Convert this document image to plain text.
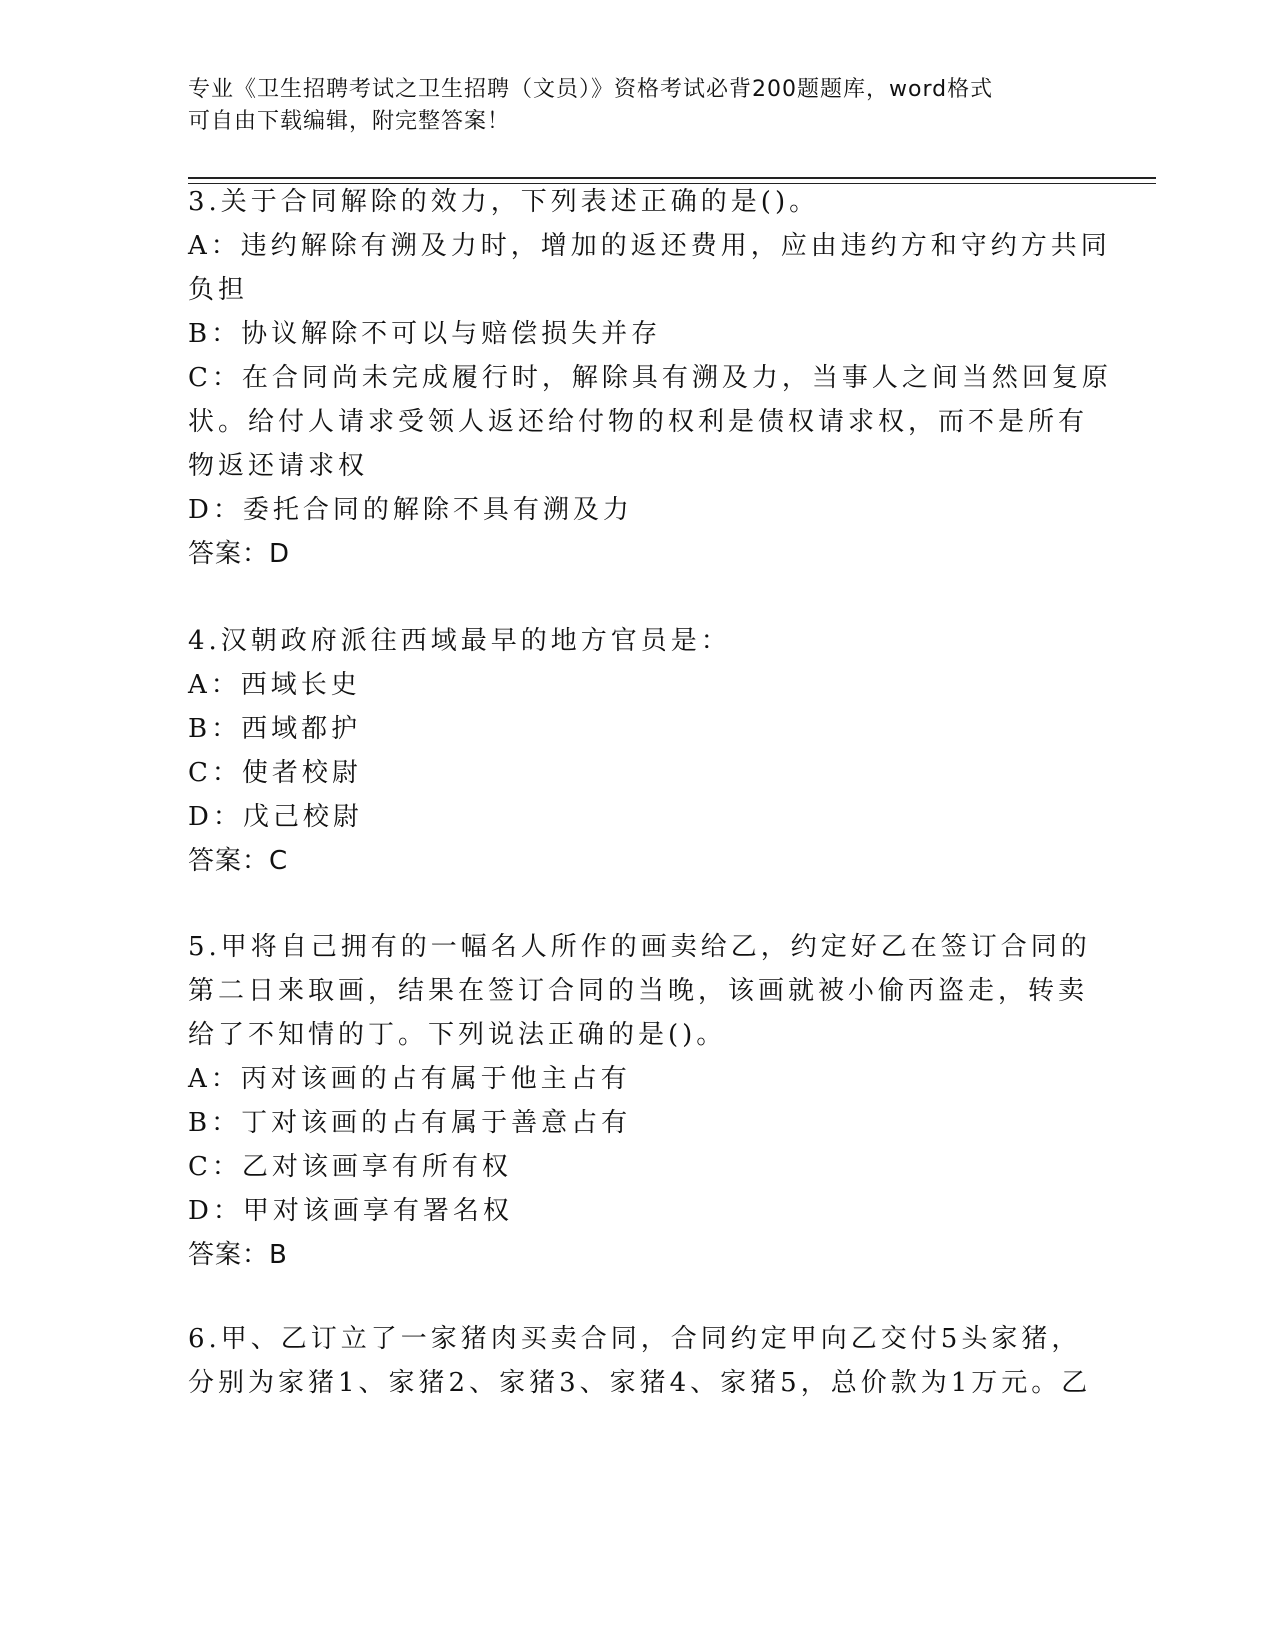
专业《卫生招聘考试之卫生招聘（文员）》资格考试必背200题题库，word格式
可自由下载编辑，附完整答案！
3.关于合同解除的效力，下列表述正确的是()。
A：违约解除有溯及力时，增加的返还费用，应由违约方和守约方共同
负担
B：协议解除不可以与赔偿损失并存
C：在合同尚未完成履行时，解除具有溯及力，当事人之间当然回复原
状。给付人请求受领人返还给付物的权利是债权请求权，而不是所有
物返还请求权
D：委托合同的解除不具有溯及力
答案：D
4.汉朝政府派往西域最早的地方官员是：
A：西域长史
B：西域都护
C：使者校尉
D：戊己校尉
答案：C
5.甲将自己拥有的一幅名人所作的画卖给乙，约定好乙在签订合同的
第二日来取画，结果在签订合同的当晚，该画就被小偷丙盗走，转卖
给了不知情的丁。下列说法正确的是()。
A：丙对该画的占有属于他主占有
B：丁对该画的占有属于善意占有
C：乙对该画享有所有权
D：甲对该画享有署名权
答案：B
6.甲、乙订立了一家猪肉买卖合同，合同约定甲向乙交付5头家猪，
分别为家猪1、家猪2、家猪3、家猪4、家猪5，总价款为1万元。乙
